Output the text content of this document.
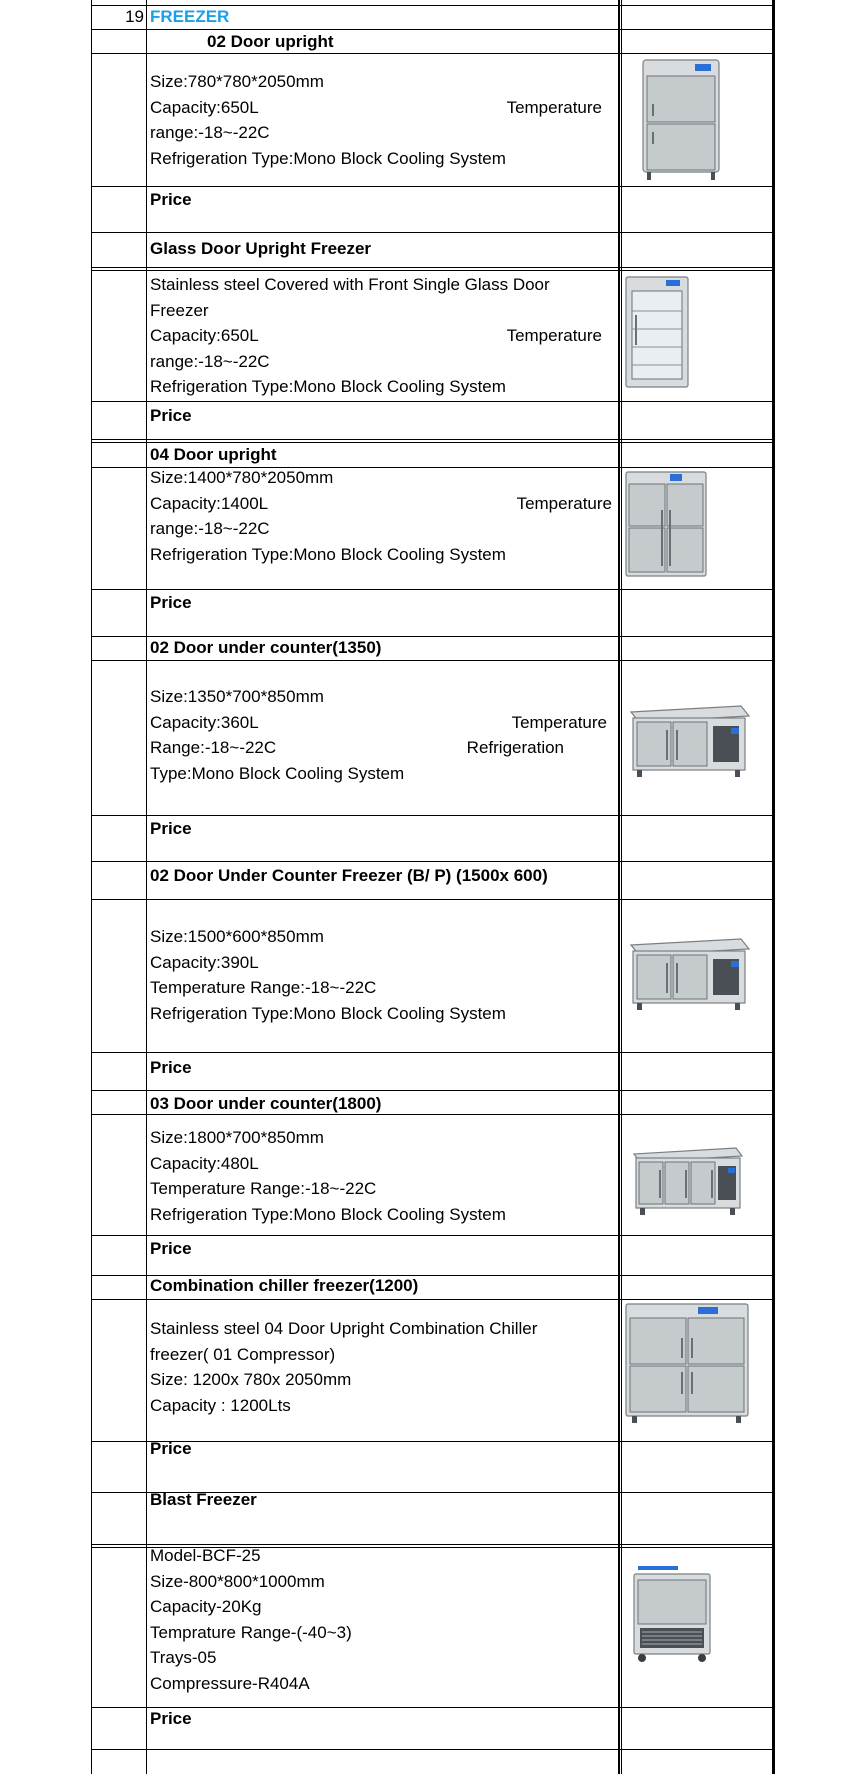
19 FREEZER
02 Door upright
Size:780*780*2050mm
Capacity:650L	Temperature
range:-18~-22C
Refrigeration Type:Mono Block Cooling System
Price
Glass Door Upright Freezer
Stainless steel Covered with Front Single Glass Door
Freezer
Capacity:650L	Temperature
range:-18~-22C
Refrigeration Type:Mono Block Cooling System
Price
04 Door upright
Size:1400*780*2050mm
Capacity:1400L	Temperature
range:-18~-22C
Refrigeration Type:Mono Block Cooling System
Price
02 Door under counter(1350)
Size:1350*700*850mm
Capacity:360L	Temperature
Range:-18~-22C	Refrigeration
Type:Mono Block Cooling System
Price
02 Door Under Counter Freezer (B/ P) (1500x 600)
Size:1500*600*850mm
Capacity:390L
Temperature Range:-18~-22C
Refrigeration Type:Mono Block Cooling System
Price
03 Door under counter(1800)
Size:1800*700*850mm
Capacity:480L
Temperature Range:-18~-22C
Refrigeration Type:Mono Block Cooling System
Price
Combination chiller freezer(1200)
Stainless steel 04 Door Upright Combination Chiller
freezer( 01 Compressor)
Size: 1200x 780x 2050mm
Capacity : 1200Lts
Price
Blast Freezer
Model-BCF-25
Size-800*800*1000mm
Capacity-20Kg
Temprature Range-(-40~3)
Trays-05
Compressure-R404A
Price
